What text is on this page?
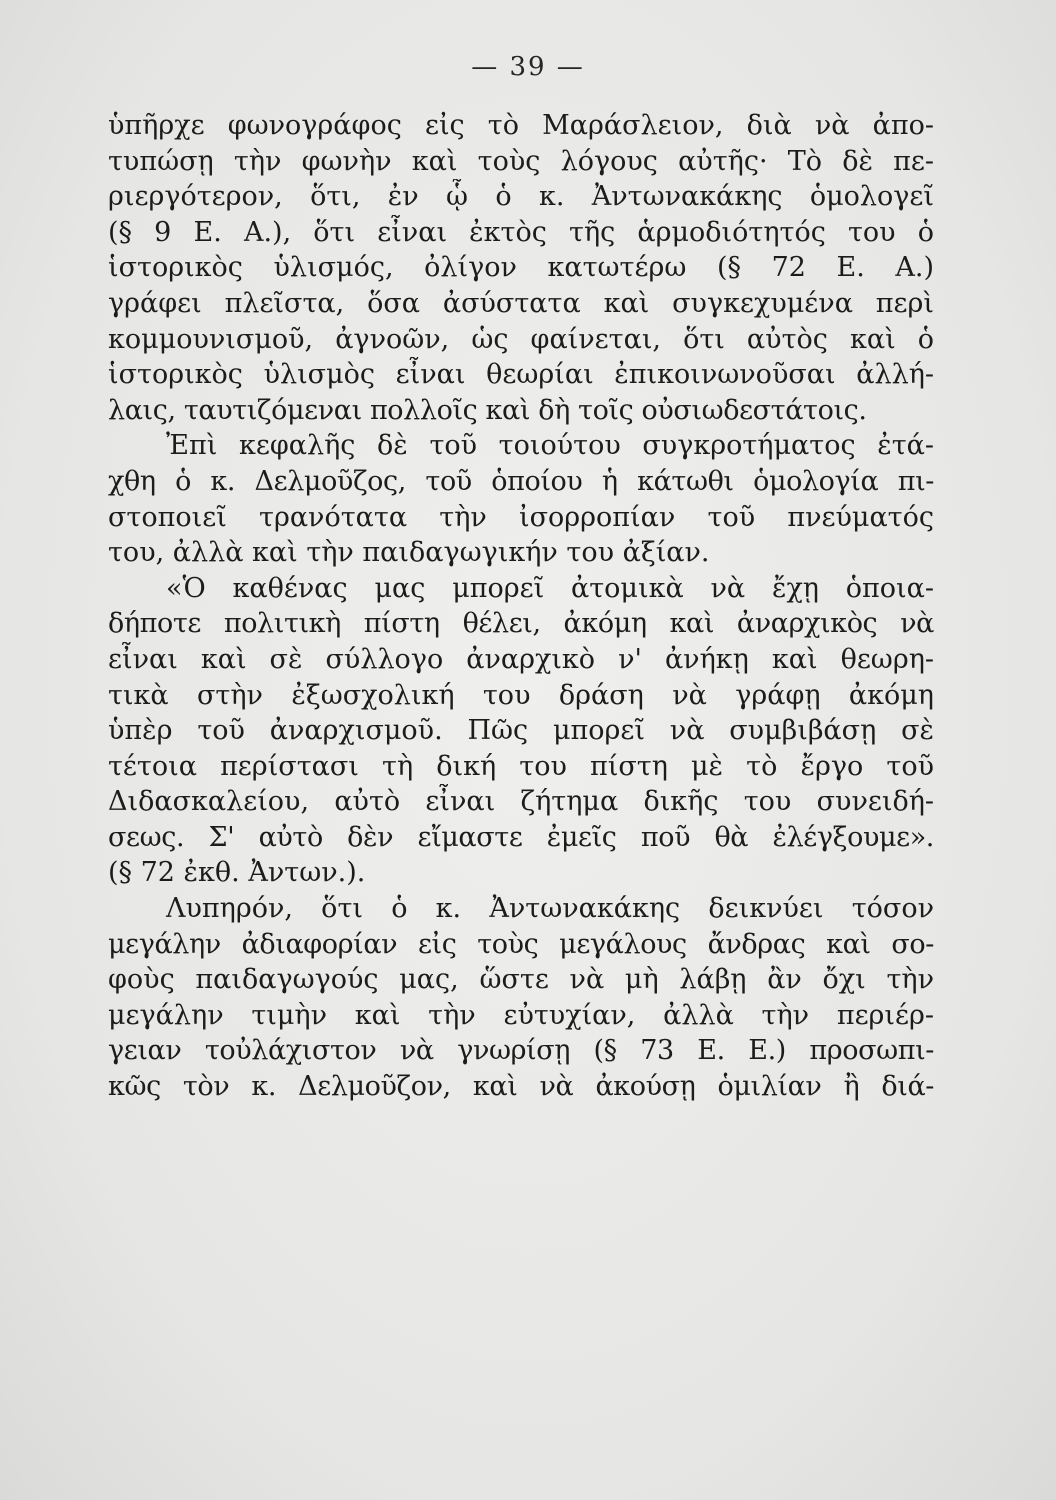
— 39 —
ὑπῆρχε φωνογράφος εἰς τὸ Μαράσλειον, διὰ νὰ ἀπο-
τυπώσῃ τὴν φωνὴν καὶ τοὺς λόγους αὐτῆς· Τὸ δὲ πε-
ριεργότερον, ὅτι, ἐν ᾧ ὁ κ. Ἀντωνακάκης ὁμολογεῖ
(§ 9 Ε. Α.), ὅτι εἶναι ἐκτὸς τῆς ἁρμοδιότητός του ὁ
ἱστορικὸς ὑλισμός, ὀλίγον κατωτέρω (§ 72 Ε. Α.)
γράφει πλεῖστα, ὅσα ἀσύστατα καὶ συγκεχυμένα περὶ
κομμουνισμοῦ, ἀγνοῶν, ὡς φαίνεται, ὅτι αὐτὸς καὶ ὁ
ἱστορικὸς ὑλισμὸς εἶναι θεωρίαι ἐπικοινωνοῦσαι ἀλλή-
λαις, ταυτιζόμεναι πολλοῖς καὶ δὴ τοῖς οὐσιωδεστάτοις.
Ἐπὶ κεφαλῆς δὲ τοῦ τοιούτου συγκροτήματος ἐτά-
χθη ὁ κ. Δελμοῦζος, τοῦ ὁποίου ἡ κάτωθι ὁμολογία πι-
στοποιεῖ τρανότατα τὴν ἰσορροπίαν τοῦ πνεύματός
του, ἀλλὰ καὶ τὴν παιδαγωγικήν του ἀξίαν.
«Ὁ καθένας μας μπορεῖ ἀτομικὰ νὰ ἔχῃ ὁποια-
δήποτε πολιτικὴ πίστη θέλει, ἀκόμη καὶ ἀναρχικὸς νὰ
εἶναι καὶ σὲ σύλλογο ἀναρχικὸ ν' ἀνήκῃ καὶ θεωρη-
τικὰ στὴν ἐξωσχολική του δράση νὰ γράφῃ ἀκόμη
ὑπὲρ τοῦ ἀναρχισμοῦ. Πῶς μπορεῖ νὰ συμβιβάσῃ σὲ
τέτοια περίστασι τὴ δική του πίστη μὲ τὸ ἔργο τοῦ
Διδασκαλείου, αὐτὸ εἶναι ζήτημα δικῆς του συνειδή-
σεως. Σ' αὐτὸ δὲν εἴμαστε ἐμεῖς ποῦ θὰ ἐλέγξουμε».
(§ 72 ἐκθ. Ἀντων.).
Λυπηρόν, ὅτι ὁ κ. Ἀντωνακάκης δεικνύει τόσον
μεγάλην ἀδιαφορίαν εἰς τοὺς μεγάλους ἄνδρας καὶ σο-
φοὺς παιδαγωγούς μας, ὥστε νὰ μὴ λάβῃ ἂν ὄχι τὴν
μεγάλην τιμὴν καὶ τὴν εὐτυχίαν, ἀλλὰ τὴν περιέρ-
γειαν τοὐλάχιστον νὰ γνωρίσῃ (§ 73 Ε. Ε.) προσωπι-
κῶς τὸν κ. Δελμοῦζον, καὶ νὰ ἀκούσῃ ὁμιλίαν ἢ διά-
